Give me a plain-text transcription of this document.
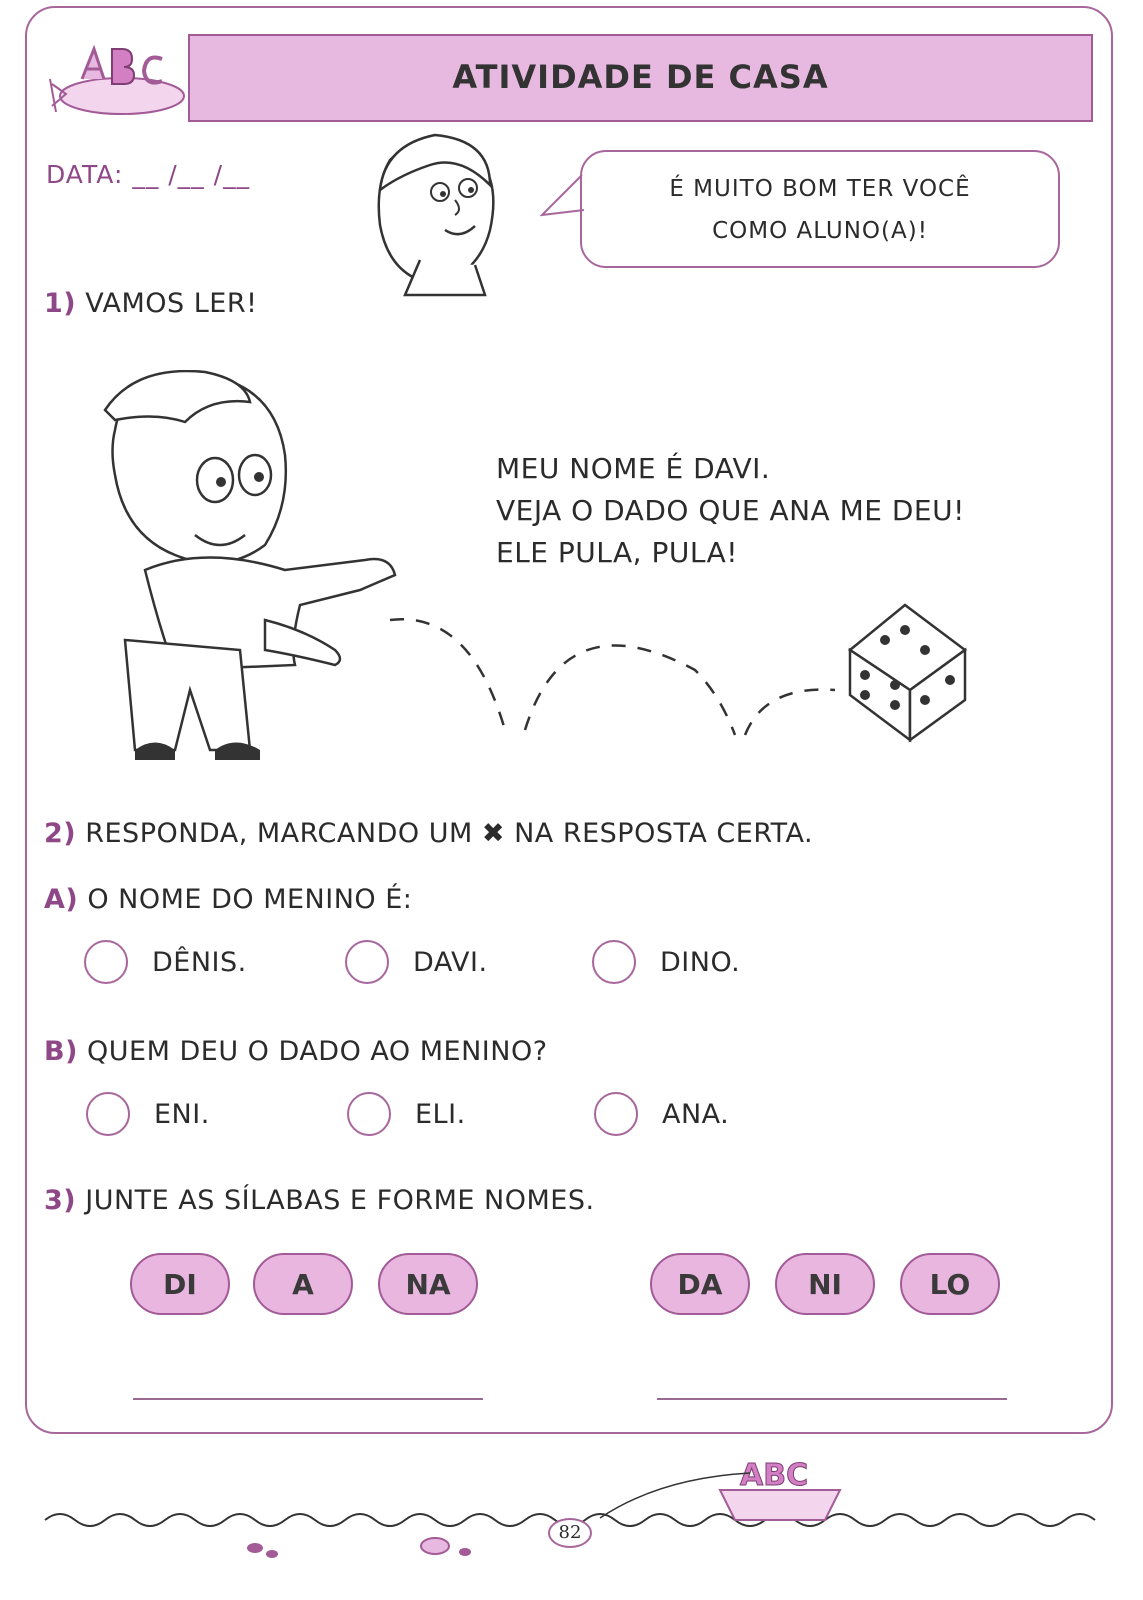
ATIVIDADE DE CASA
DATA: __ /__ /__	É MUITO BOM TER VOCÊ
COMO ALUNO(A)!
1) VAMOS LER!
MEU NOME É DAVI.
VEJA O DADO QUE ANA ME DEU!
ELE PULA, PULA!
2) RESPONDA, MARCANDO UM ✖ NA RESPOSTA CERTA.
A) O NOME DO MENINO É:
DÊNIS.	DAVI.	DINO.
B) QUEM DEU O DADO AO MENINO?
ENI.	ELI.	ANA.
3) JUNTE AS SÍLABAS E FORME NOMES.
DI	A	NA	DA	NI	LO
ABC
82
